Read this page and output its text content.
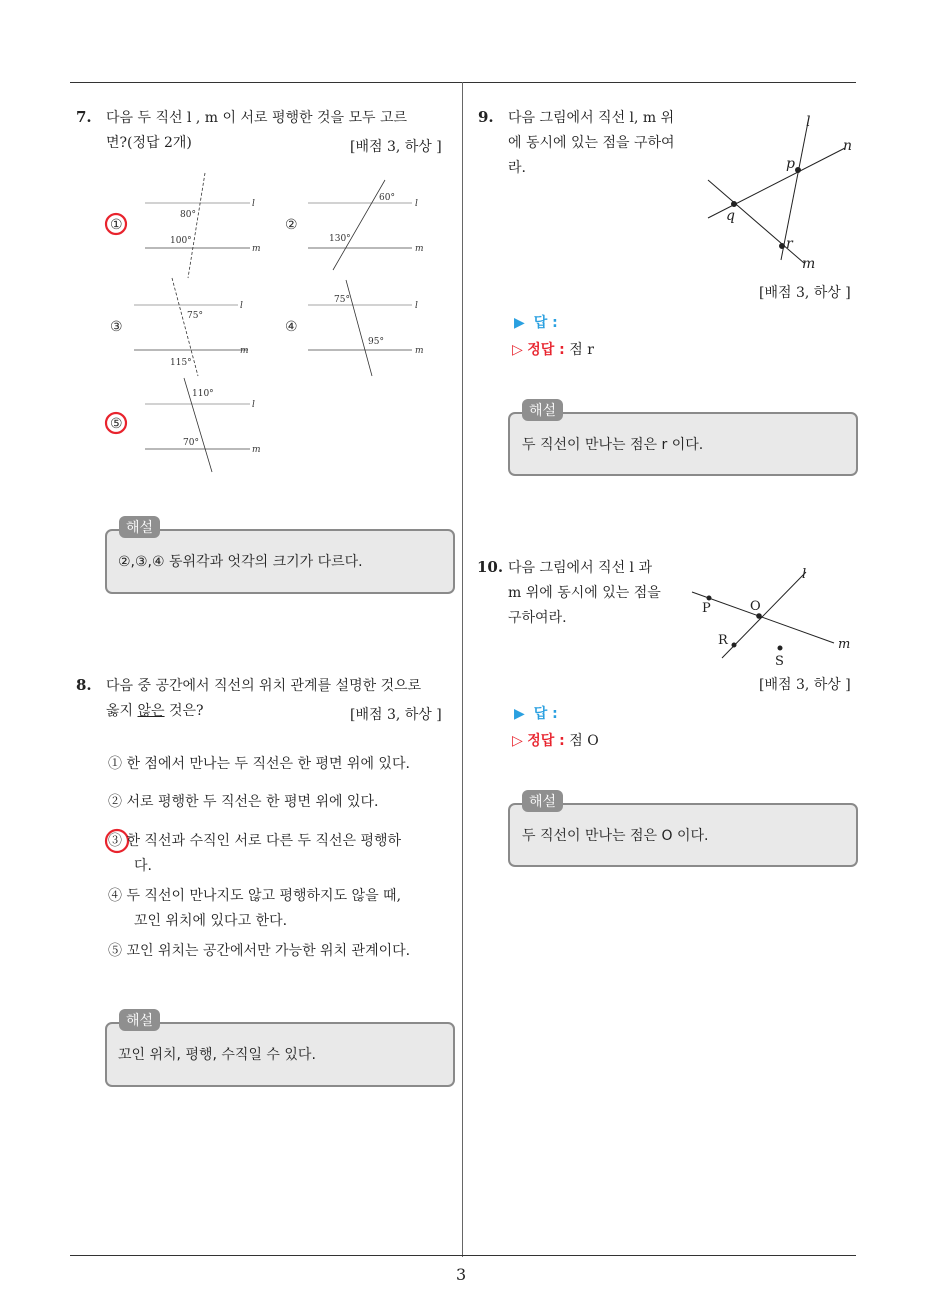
3
7. 다음 두 직선 l , m 이 서로 평행한 것을 모두 고르
면?(정답 2개)	[배점 3, 하상 ]
①
l
m
80°
100°
②
l
m
60°
130°
③
l
m
75°
115°
④
l
m
75°
95°
⑤
l
m
110°
70°
해설
②,③,④ 동위각과 엇각의 크기가 다르다.
8. 다음 중 공간에서 직선의 위치 관계를 설명한 것으로
옳지 않은 것은?	[배점 3, 하상 ]
① 한 점에서 만나는 두 직선은 한 평면 위에 있다.
② 서로 평행한 두 직선은 한 평면 위에 있다.
③ 한 직선과 수직인 서로 다른 두 직선은 평행하
다.
④ 두 직선이 만나지도 않고 평행하지도 않을 때,
꼬인 위치에 있다고 한다.
⑤ 꼬인 위치는 공간에서만 가능한 위치 관계이다.
해설
꼬인 위치, 평행, 수직일 수 있다.
9. 다음 그림에서 직선 l, m 위
에 동시에 있는 점을 구하여
라.
l
n
p
q
r
m
[배점 3, 하상 ]
▶ 답 :
▷ 정답 : 점 r
해설
두 직선이 만나는 점은 r 이다.
10. 다음 그림에서 직선 l 과
m 위에 동시에 있는 점을
구하여라.
l
m
P	O
R
S
[배점 3, 하상 ]
▶ 답 :
▷ 정답 : 점 O
해설
두 직선이 만나는 점은 O 이다.
